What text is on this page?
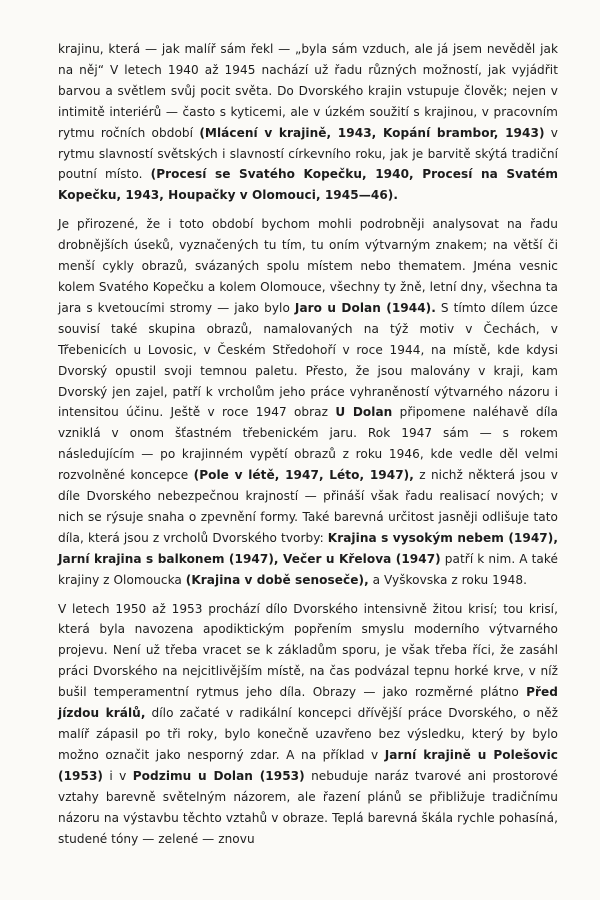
krajinu, která — jak malíř sám řekl — „byla sám vzduch, ale já jsem nevěděl jak na něj“ V letech 1940 až 1945 nachází už řadu různých možností, jak vyjádřit barvou a světlem svůj pocit světa. Do Dvorského krajin vstupuje člověk; nejen v intimitě interiérů — často s kyticemi, ale v úzkém soužití s krajinou, v pracovním rytmu ročních období (Mlácení v krajině, 1943, Kopání brambor, 1943) v rytmu slavností světských i slavností církevního roku, jak je barvitě skýtá tradiční poutní místo. (Procesí se Svatého Kopečku, 1940, Procesí na Svatém Kopečku, 1943, Houpačky v Olomouci, 1945—46).

Je přirozené, že i toto období bychom mohli podrobněji analysovat na řadu drobnějších úseků, vyznačených tu tím, tu oním výtvarným znakem; na větší či menší cykly obrazů, svázaných spolu místem nebo thematem. Jména vesnic kolem Svatého Kopečku a kolem Olomouce, všechny ty žně, letní dny, všechna ta jara s kvetoucími stromy — jako bylo Jaro u Dolan (1944). S tímto dílem úzce souvisí také skupina obrazů, namalovaných na týž motiv v Čechách, v Třebenicích u Lovosic, v Českém Středohoří v roce 1944, na místě, kde kdysi Dvorský opustil svoji temnou paletu. Přesto, že jsou malovány v kraji, kam Dvorský jen zajel, patří k vrcholům jeho práce vyhraněností výtvarného názoru i intensitou účinu. Ještě v roce 1947 obraz U Dolan připomene naléhavě díla vzniklá v onom šťastném třebenickém jaru. Rok 1947 sám — s rokem následujícím — po krajinném vypětí obrazů z roku 1946, kde vedle děl velmi rozvolněné koncepce (Pole v létě, 1947, Léto, 1947), z nichž některá jsou v díle Dvorského nebezpečnou krajností — přináší však řadu realisací nových; v nich se rýsuje snaha o zpevnění formy. Také barevná určitost jasněji odlišuje tato díla, která jsou z vrcholů Dvorského tvorby: Krajina s vysokým nebem (1947), Jarní krajina s balkonem (1947), Večer u Křelova (1947) patří k nim. A také krajiny z Olomoucka (Krajina v době senoseče), a Vyškovska z roku 1948.

V letech 1950 až 1953 prochází dílo Dvorského intensivně žitou krisí; tou krisí, která byla navozena apodiktickým popřením smyslu moderního výtvarného projevu. Není už třeba vracet se k základům sporu, je však třeba říci, že zasáhl práci Dvorského na nejcitlivějším místě, na čas podvázal tepnu horké krve, v níž bušil temperamentní rytmus jeho díla. Obrazy — jako rozměrné plátno Před jízdou králů, dílo začaté v radikální koncepci dřívější práce Dvorského, o něž malíř zápasil po tři roky, bylo konečně uzavřeno bez výsledku, který by bylo možno označit jako nesporný zdar. A na příklad v Jarní krajině u Polešovic (1953) i v Podzimu u Dolan (1953) nebuduje naráz tvarové ani prostorové vztahy barevně světelným názorem, ale řazení plánů se přibližuje tradičnímu názoru na výstavbu těchto vztahů v obraze. Teplá barevná škála rychle pohasíná, studené tóny — zelené — znovu
